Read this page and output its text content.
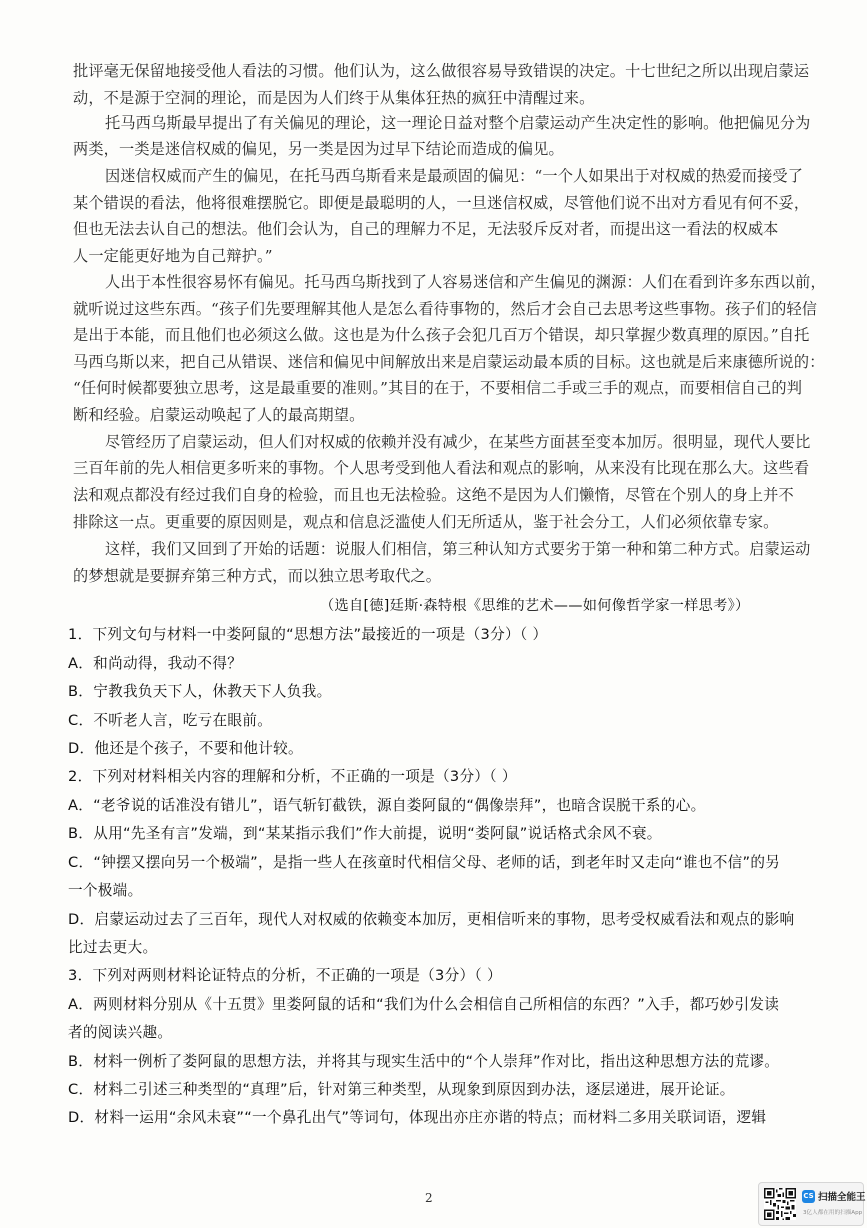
批评毫无保留地接受他人看法的习惯。他们认为，这么做很容易导致错误的决定。十七世纪之所以出现启蒙运
动，不是源于空洞的理论，而是因为人们终于从集体狂热的疯狂中清醒过来。
托马西乌斯最早提出了有关偏见的理论，这一理论日益对整个启蒙运动产生决定性的影响。他把偏见分为
两类，一类是迷信权威的偏见，另一类是因为过早下结论而造成的偏见。
因迷信权威而产生的偏见，在托马西乌斯看来是最顽固的偏见：“一个人如果出于对权威的热爱而接受了
某个错误的看法，他将很难摆脱它。即便是最聪明的人，一旦迷信权威，尽管他们说不出对方看见有何不妥，
但也无法去认自己的想法。他们会认为，自己的理解力不足，无法驳斥反对者，而提出这一看法的权威本
人一定能更好地为自己辩护。”
人出于本性很容易怀有偏见。托马西乌斯找到了人容易迷信和产生偏见的渊源：人们在看到许多东西以前，
就听说过这些东西。“孩子们先要理解其他人是怎么看待事物的，然后才会自己去思考这些事物。孩子们的轻信
是出于本能，而且他们也必须这么做。这也是为什么孩子会犯几百万个错误，却只掌握少数真理的原因。”自托
马西乌斯以来，把自己从错误、迷信和偏见中间解放出来是启蒙运动最本质的目标。这也就是后来康德所说的：
“任何时候都要独立思考，这是最重要的准则。”其目的在于，不要相信二手或三手的观点，而要相信自己的判
断和经验。启蒙运动唤起了人的最高期望。
尽管经历了启蒙运动，但人们对权威的依赖并没有减少，在某些方面甚至变本加厉。很明显，现代人要比
三百年前的先人相信更多听来的事物。个人思考受到他人看法和观点的影响，从来没有比现在那么大。这些看
法和观点都没有经过我们自身的检验，而且也无法检验。这绝不是因为人们懒惰，尽管在个别人的身上并不
排除这一点。更重要的原因则是，观点和信息泛滥使人们无所适从，鉴于社会分工，人们必须依靠专家。
这样，我们又回到了开始的话题：说服人们相信，第三种认知方式要劣于第一种和第二种方式。启蒙运动
的梦想就是要摒弃第三种方式，而以独立思考取代之。
（选自[德]廷斯·森特根《思维的艺术——如何像哲学家一样思考》）
1．下列文句与材料一中娄阿鼠的“思想方法”最接近的一项是（3分）（ ）
A．和尚动得，我动不得？
B．宁教我负天下人，休教天下人负我。
C．不听老人言，吃亏在眼前。
D．他还是个孩子，不要和他计较。
2．下列对材料相关内容的理解和分析，不正确的一项是（3分）（ ）
A．“老爷说的话准没有错儿”，语气斩钉截铁，源自娄阿鼠的“偶像崇拜”，也暗含误脱干系的心。
B．从用“先圣有言”发端，到“某某指示我们”作大前提，说明“娄阿鼠”说话格式余风不衰。
C．“钟摆又摆向另一个极端”，是指一些人在孩童时代相信父母、老师的话，到老年时又走向“谁也不信”的另
一个极端。
D．启蒙运动过去了三百年，现代人对权威的依赖变本加厉，更相信听来的事物，思考受权威看法和观点的影响
比过去更大。
3．下列对两则材料论证特点的分析，不正确的一项是（3分）（ ）
A．两则材料分别从《十五贯》里娄阿鼠的话和“我们为什么会相信自己所相信的东西？”入手，都巧妙引发读
者的阅读兴趣。
B．材料一例析了娄阿鼠的思想方法，并将其与现实生活中的“个人崇拜”作对比，指出这种思想方法的荒谬。
C．材料二引述三种类型的“真理”后，针对第三种类型，从现象到原因到办法，逐层递进，展开论证。
D．材料一运用“余风未衰”“一个鼻孔出气”等词句，体现出亦庄亦谐的特点；而材料二多用关联词语，逻辑
2	CS 扫描全能王
3亿人都在用的扫描App
